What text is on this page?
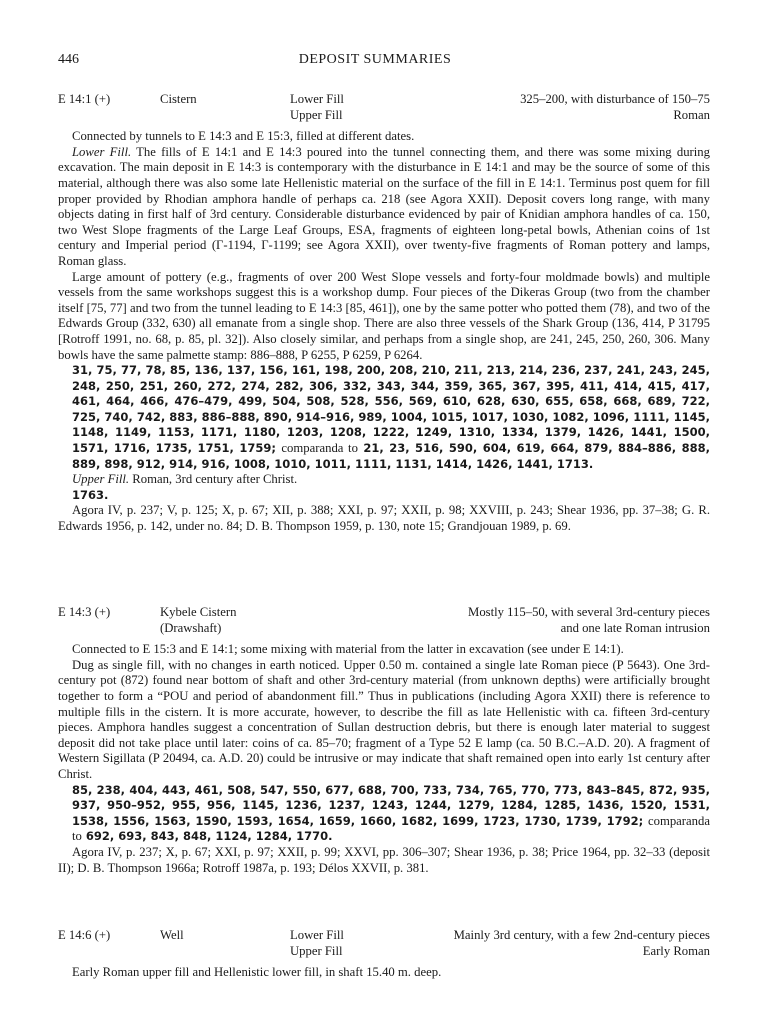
446	DEPOSIT SUMMARIES
E 14:1 (+)	Cistern	Lower Fill	325–200, with disturbance of 150–75
Upper Fill	Roman

Connected by tunnels to E 14:3 and E 15:3, filled at different dates.

Lower Fill. The fills of E 14:1 and E 14:3 poured into the tunnel connecting them, and there was some mixing during excavation. The main deposit in E 14:3 is contemporary with the disturbance in E 14:1 and may be the source of some of this material, although there was also some late Hellenistic material on the surface of the fill in E 14:1. Terminus post quem for fill proper provided by Rhodian amphora handle of perhaps ca. 218 (see Agora XXII). Deposit covers long range, with many objects dating in first half of 3rd century. Considerable disturbance evidenced by pair of Knidian amphora handles of ca. 150, two West Slope fragments of the Large Leaf Groups, ESA, fragments of eighteen long-petal bowls, Athenian coins of 1st century and Imperial period (Γ-1194, Γ-1199; see Agora XXII), over twenty-five fragments of Roman pottery and lamps, Roman glass.

Large amount of pottery (e.g., fragments of over 200 West Slope vessels and forty-four moldmade bowls) and multiple vessels from the same workshops suggest this is a workshop dump. Four pieces of the Dikeras Group (two from the chamber itself [75, 77] and two from the tunnel leading to E 14:3 [85, 461]), one by the same potter who potted them (78), and two of the Edwards Group (332, 630) all emanate from a single shop. There are also three vessels of the Shark Group (136, 414, P 31795 [Rotroff 1991, no. 68, p. 85, pl. 32]). Also closely similar, and perhaps from a single shop, are 241, 245, 250, 260, 306. Many bowls have the same palmette stamp: 886–888, P 6255, P 6259, P 6264.

31, 75, 77, 78, 85, 136, 137, 156, 161, 198, 200, 208, 210, 211, 213, 214, 236, 237, 241, 243, 245, 248, 250, 251, 260, 272, 274, 282, 306, 332, 343, 344, 359, 365, 367, 395, 411, 414, 415, 417, 461, 464, 466, 476–479, 499, 504, 508, 528, 556, 569, 610, 628, 630, 655, 658, 668, 689, 722, 725, 740, 742, 883, 886–888, 890, 914–916, 989, 1004, 1015, 1017, 1030, 1082, 1096, 1111, 1145, 1148, 1149, 1153, 1171, 1180, 1203, 1208, 1222, 1249, 1310, 1334, 1379, 1426, 1441, 1500, 1571, 1716, 1735, 1751, 1759; comparanda to 21, 23, 516, 590, 604, 619, 664, 879, 884–886, 888, 889, 898, 912, 914, 916, 1008, 1010, 1011, 1111, 1131, 1414, 1426, 1441, 1713.

Upper Fill. Roman, 3rd century after Christ.

1763.

Agora IV, p. 237; V, p. 125; X, p. 67; XII, p. 388; XXI, p. 97; XXII, p. 98; XXVIII, p. 243; Shear 1936, pp. 37–38; G. R. Edwards 1956, p. 142, under no. 84; D. B. Thompson 1959, p. 130, note 15; Grandjouan 1989, p. 69.

E 14:3 (+)	Kybele Cistern	Mostly 115–50, with several 3rd-century pieces
(Drawshaft)	and one late Roman intrusion

Connected to E 15:3 and E 14:1; some mixing with material from the latter in excavation (see under E 14:1).

Dug as single fill, with no changes in earth noticed. Upper 0.50 m. contained a single late Roman piece (P 5643). One 3rd-century pot (872) found near bottom of shaft and other 3rd-century material (from unknown depths) were artificially brought together to form a “POU and period of abandonment fill.” Thus in publications (including Agora XXII) there is reference to multiple fills in the cistern. It is more accurate, however, to describe the fill as late Hellenistic with ca. fifteen 3rd-century pieces. Amphora handles suggest a concentration of Sullan destruction debris, but there is enough later material to suggest deposit did not take place until later: coins of ca. 85–70; fragment of a Type 52 E lamp (ca. 50 B.C.–A.D. 20). A fragment of Western Sigillata (P 20494, ca. A.D. 20) could be intrusive or may indicate that shaft remained open into early 1st century after Christ.

85, 238, 404, 443, 461, 508, 547, 550, 677, 688, 700, 733, 734, 765, 770, 773, 843–845, 872, 935, 937, 950–952, 955, 956, 1145, 1236, 1237, 1243, 1244, 1279, 1284, 1285, 1436, 1520, 1531, 1538, 1556, 1563, 1590, 1593, 1654, 1659, 1660, 1682, 1699, 1723, 1730, 1739, 1792; comparanda to 692, 693, 843, 848, 1124, 1284, 1770.

Agora IV, p. 237; X, p. 67; XXI, p. 97; XXII, p. 99; XXVI, pp. 306–307; Shear 1936, p. 38; Price 1964, pp. 32–33 (deposit II); D. B. Thompson 1966a; Rotroff 1987a, p. 193; Délos XXVII, p. 381.

E 14:6 (+)	Well	Lower Fill	Mainly 3rd century, with a few 2nd-century pieces
Upper Fill	Early Roman

Early Roman upper fill and Hellenistic lower fill, in shaft 15.40 m. deep.
